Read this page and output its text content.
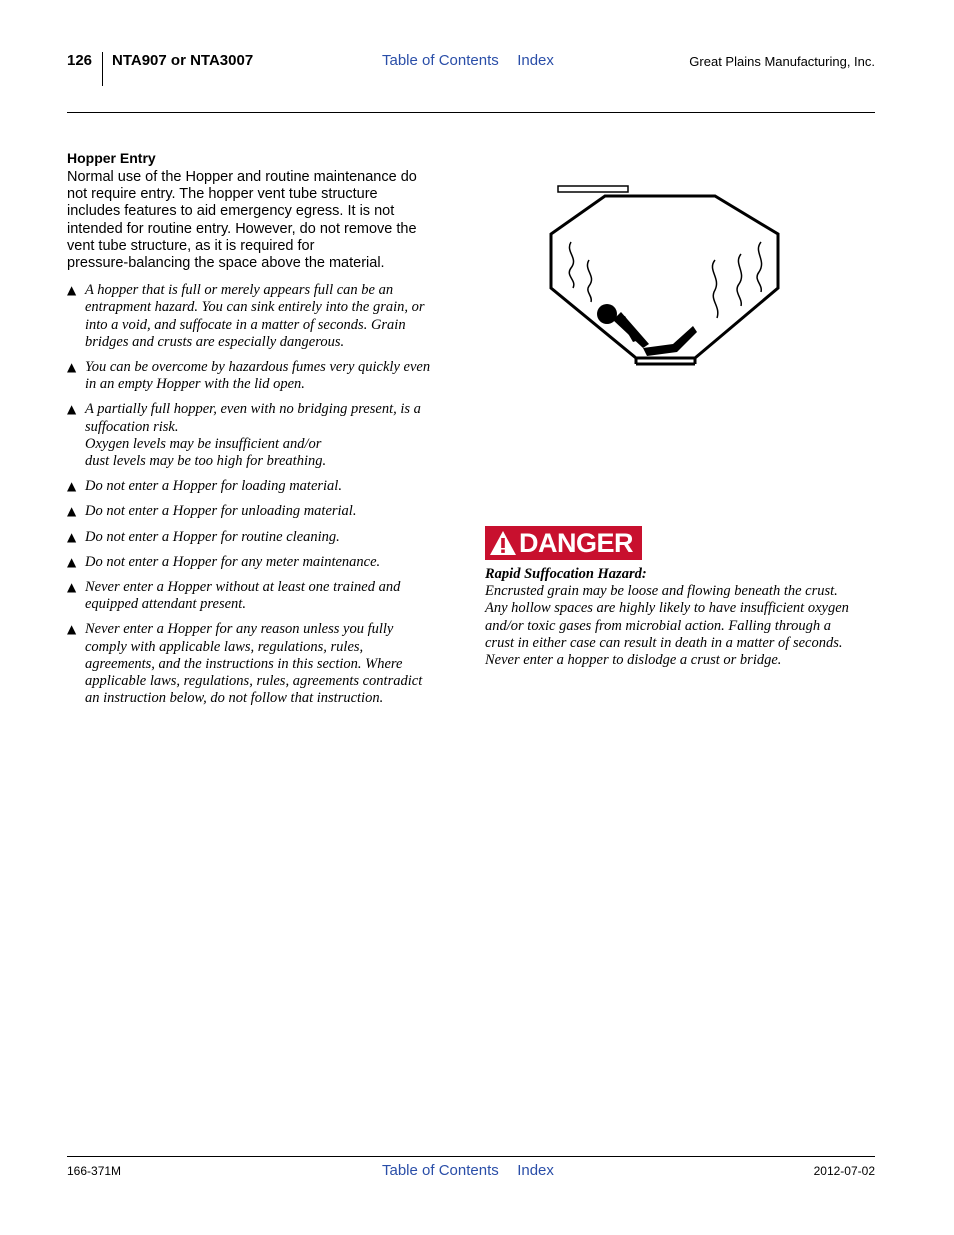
126 NTA907 or NTA3007	Table of Contents Index	Great Plains Manufacturing, Inc.
Hopper Entry
Normal use of the Hopper and routine maintenance do
not require entry. The hopper vent tube structure
includes features to aid emergency egress. It is not
intended for routine entry. However, do not remove the
vent tube structure, as it is required for
pressure-balancing the space above the material.
▲ A hopper that is full or merely appears full can be an
entrapment hazard. You can sink entirely into the grain, or
into a void, and suffocate in a matter of seconds. Grain
bridges and crusts are especially dangerous.
▲ You can be overcome by hazardous fumes very quickly even
in an empty Hopper with the lid open.
▲ A partially full hopper, even with no bridging present, is a
suffocation risk.
Oxygen levels may be insufficient and/or
dust levels may be too high for breathing.
▲ Do not enter a Hopper for loading material.
▲ Do not enter a Hopper for unloading material.
▲ Do not enter a Hopper for routine cleaning.
▲ Do not enter a Hopper for any meter maintenance.
▲ Never enter a Hopper without at least one trained and
equipped attendant present.
▲ Never enter a Hopper for any reason unless you fully
comply with applicable laws, regulations, rules,
agreements, and the instructions in this section. Where
applicable laws, regulations, rules, agreements contradict
an instruction below, do not follow that instruction.
DANGER
Rapid Suffocation Hazard:
Encrusted grain may be loose and flowing beneath the crust.
Any hollow spaces are highly likely to have insufficient oxygen
and/or toxic gases from microbial action. Falling through a
crust in either case can result in death in a matter of seconds.
Never enter a hopper to dislodge a crust or bridge.
166-371M	Table of Contents Index	2012-07-02
